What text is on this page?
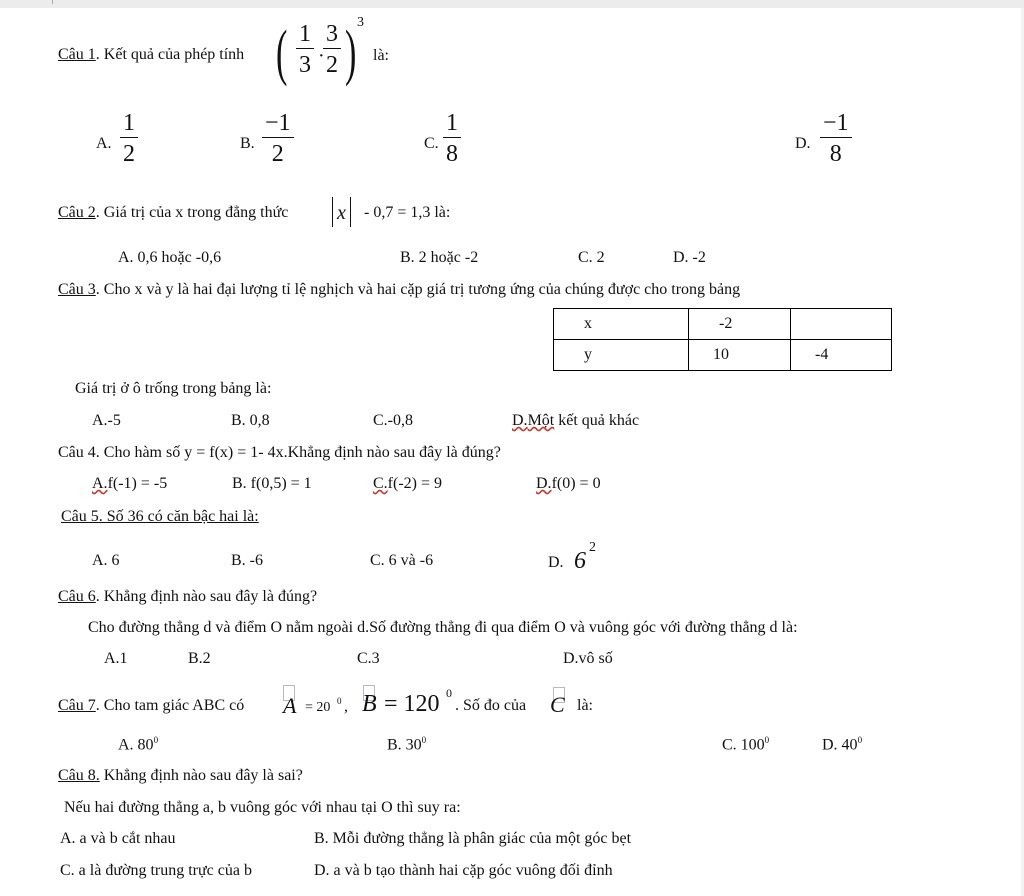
Câu 1. Kết quả của phép tính ( $\frac{1}{3}$ ·
$\frac{3}{2}$ ) 3
là:
A. $\frac{1}{2}$	B. $\frac{-1}{2}$	C. $\frac{1}{8}$	D. $\frac{-1}{8}$
Câu 2. Giá trị của x trong đẳng thức x - 0,7 = 1,3 là:
A. 0,6 hoặc -0,6	B. 2 hoặc -2	C. 2	D. -2
Câu 3. Cho x và y là hai đại lượng tỉ lệ nghịch và hai cặp giá trị tương ứng của chúng được cho trong bảng
x	-2	
y	10	-4
Giá trị ở ô trống trong bảng là:
A.-5	B. 0,8	C.-0,8	D.Một kết quả khác
Câu 4. Cho hàm số y = f(x) = 1- 4x.Khẳng định nào sau đây là đúng?
A.f(-1) = -5	B. f(0,5) = 1	C.f(-2) = 9	D.f(0) = 0
Câu 5. Số 36 có căn bậc hai là:
A. 6	B. -6	C. 6 và -6	D. 6
2
Câu 6. Khẳng định nào sau đây là đúng?
Cho đường thẳng d và điểm O nằm ngoài d.Số đường thẳng đi qua điểm O và vuông góc với đường thẳng d là:
A.1	B.2	C.3	D.vô số
Câu 7. Cho tam giác ABC có A = 20 0 , B = 120 0
. Số đo của C là:
A. $80^0$	B. $30^0$	C. $100^0$	D. $40^0$
Câu 8. Khẳng định nào sau đây là sai?
Nếu hai đường thẳng a, b vuông góc với nhau tại O thì suy ra:
A. a và b cắt nhau	B. Mỗi đường thẳng là phân giác của một góc bẹt
C. a là đường trung trực của b	D. a và b tạo thành hai cặp góc vuông đối đỉnh
